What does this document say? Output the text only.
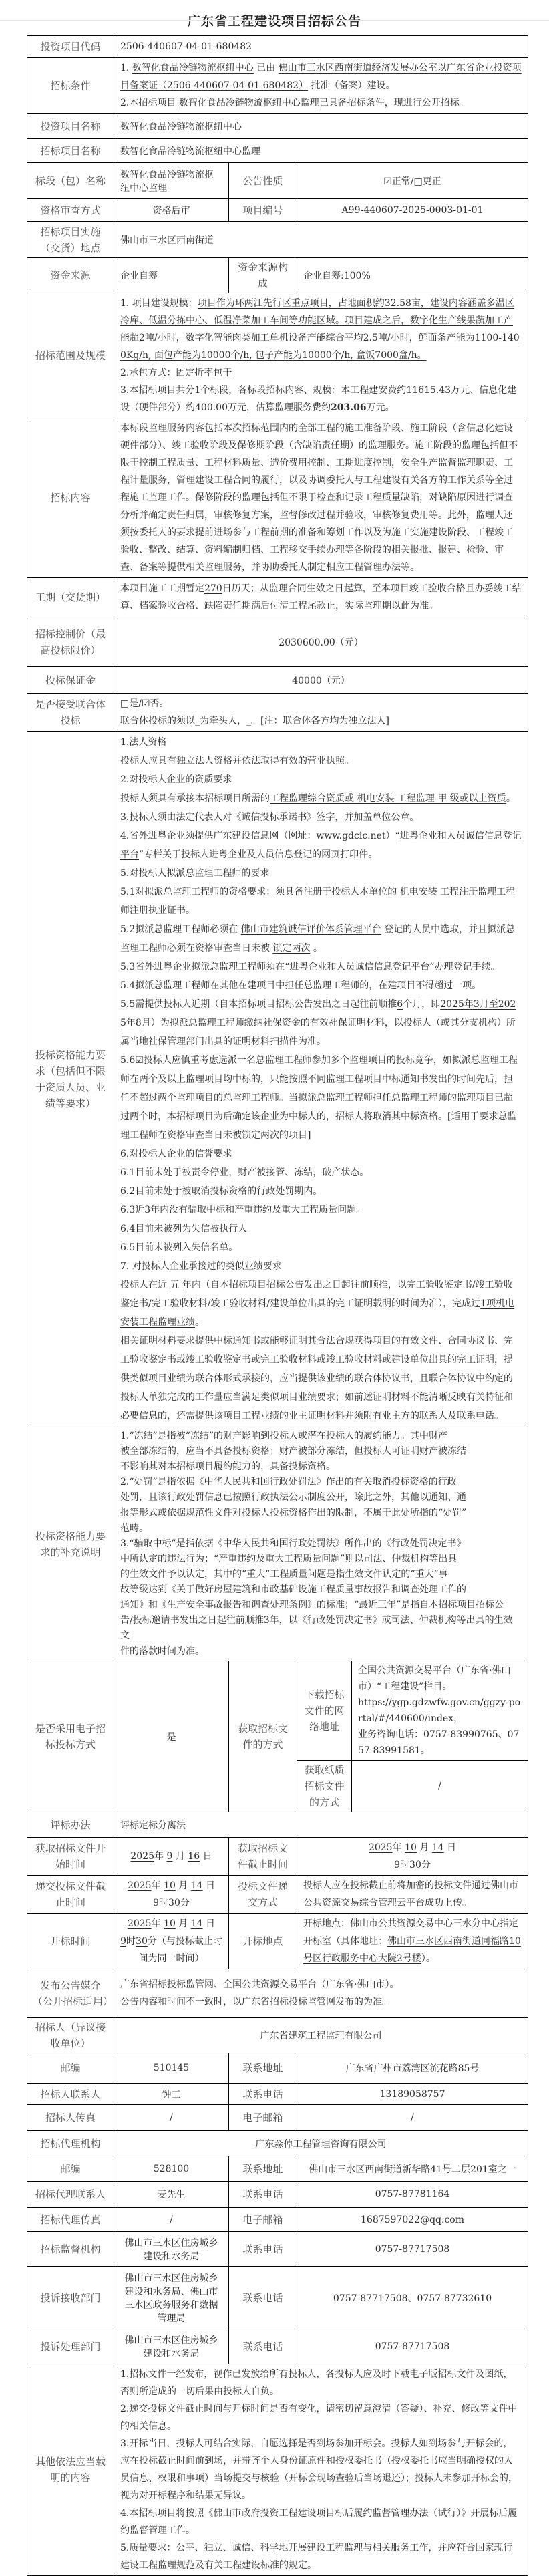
广东省工程建设项目招标公告
投资项目代码	2506-440607-04-01-680482			
招标条件	1. 数智化食品冷链物流枢纽中心 已由 佛山市三水区西南街道经济发展办公室以广东省企业投资项目备案证（2506-440607-04-01-680482） 批准（备案）建设。
2.本招标项目 数智化食品冷链物流枢纽中心监理已具备招标条件，现进行公开招标。			

投资项目名称	数智化食品冷链物流枢纽中心			
招标项目名称	数智化食品冷链物流枢纽中心监理			
标段（包）名称	数智化食品冷链物流枢纽中心监理	公告性质	☑正常/□更正	
资格审查方式	资格后审	项目编号	A99-440607-2025-0003-01-01	
招标项目实施（交货）地点	佛山市三水区西南街道			
资金来源	企业自筹	资金来源构成	企业自筹:100%	
招标范围及规模	1. 项目建设规模：项目作为环两江先行区重点项目，占地面积约32.58亩，建设内容涵盖多温区冷库、低温分拣中心、低温净菜加工车间等功能区域。项目建成之后，数字化生产线果蔬加工产能超2吨/小时，数字化智能肉类加工单机设备产能综合平均2.5吨/小时，鲜面条产能为1100-1400Kg/h, 面包产能为10000个/h, 包子产能为10000个/h, 盒饭7000盒/h。
2.承包方式：固定折率包干
3.本招标项目共分1个标段，各标段招标内容、规模：本工程建安费约11615.43万元、信息化建设（硬件部分）约400.00万元，估算监理服务费约203.06万元。			

招标内容	本标段监理服务内容包括本次招标范围内的全部工程的施工准备阶段、施工阶段（含信息化建设硬件部分）、竣工验收阶段及保修期阶段（含缺陷责任期）的监理服务。施工阶段的监理包括但不限于控制工程质量、工程材料质量、造价费用控制、工期进度控制，安全生产监督监理职责、工程计量服务，管理建设工程合同的履行，以及协调委托人与工程建设有关各方的工作关系等全过程施工监理工作。保修阶段的监理包括但不限于检查和记录工程质量缺陷，对缺陷原因进行调查分析并确定责任归属，审核修复方案，监督修改过程并验收，审核修复费用等。此外，监理人还须按委托人的要求提前进场参与工程前期的准备和筹划工作以及为施工实施建设阶段、工程竣工验收、整改、结算、资料编制归档、工程移交手续办理等各阶段的相关报批、报建、检验、审查、备案等提供相关监理服务，并协助委托人制定相应工程管理办法等。			

工期（交货期）	本项目施工工期暂定270日历天；从监理合同生效之日起算，至本项目竣工验收合格且办妥竣工结算、档案验收合格、缺陷责任期满后付清工程尾款止，实际监理期以此为准。			

招标控制价（最高投标限价）	2030600.00（元）			
投标保证金	40000（元）			
是否接受联合体投标	□是/☑否。
联合体投标的须以_为牵头人，_。[注：联合体各方均为独立法人]			

投标资格能力要求（包括但不限于资质人员、业绩等要求）	
1.法人资格
投标人应具有独立法人资格并依法取得有效的营业执照。
2.对投标人企业的资质要求
投标人须具有承接本招标项目所需的工程监理综合资质或 机电安装 工程监理 甲 级或以上资质。
3.投标人须由法定代表人对《诚信投标承诺书》签字，并加盖单位公章。
4.省外进粤企业须提供广东建设信息网（网址：www.gdcic.net）“进粤企业和人员诚信信息登记平台”专栏关于投标人进粤企业及人员信息登记的网页打印件。
5.对投标人拟派总监理工程师的要求
5.1对拟派总监理工程师的资格要求：须具备注册于投标人本单位的 机电安装 工程注册监理工程师注册执业证书。
5.2拟派总监理工程师必须在 佛山市建筑诚信评价体系管理平台 登记的人员中选取，并且拟派总监理工程师必须在资格审查当日未被 锁定两次 。
5.3省外进粤企业拟派总监理工程师须在“进粤企业和人员诚信信息登记平台”办理登记手续。
5.4拟派总监理工程师在其他在建项目中担任总监理工程师的，在建项目不得超过一项。
5.5需提供投标人近期（自本招标项目招标公告发出之日起往前顺推6个月，即2025年3月至2025年8月）为拟派总监理工程师缴纳社保资金的有效社保证明材料，以投标人（或其分支机构）所属当地社保管理部门出具的证明材料扫描件为准。
5.6☑投标人应慎重考虑选派一名总监理工程师参加多个监理项目的投标竞争，如拟派总监理工程师在两个及以上监理项目均中标的，只能按照不同监理工程项目中标通知书发出的时间先后，担任不超过两个监理项目的总监理工程师。当拟派总监理工程师担任总监理工程师的监理项目已超过两个时，本招标项目为后确定该企业为中标人的，招标人将取消其中标资格。[适用于要求总监理工程师在资格审查当日未被锁定两次的项目]
6.对投标人企业的信誉要求
6.1目前未处于被责令停业，财产被接管、冻结，破产状态。
6.2目前未处于被取消投标资格的行政处罚期内。
6.3近3年内没有骗取中标和严重违约及重大工程质量问题。
6.4目前未被列为失信被执行人。
6.5目前未被列入失信名单。
7. 对投标人企业承接过的类似业绩要求
投标人在近 五 年内（自本招标项目招标公告发出之日起往前顺推，以完工验收鉴定书/竣工验收鉴定书/完工验收材料/竣工验收材料/建设单位出具的完工证明载明的时间为准），完成过1项机电安装工程监理业绩。
相关证明材料要求提供中标通知书或能够证明其合法合规获得项目的有效文件、合同协议书、完工验收鉴定书或竣工验收鉴定书或完工验收材料或竣工验收材料或建设单位出具的完工证明，提供类似项目业绩为联合体形式承接的，应当提供该业绩的联合体协议书，且联合体协议中约定的投标人单独完成的工作量应当满足类似项目业绩要求；如前述证明材料不能清晰反映有关特征和必要信息的，还需提供该项目工程业绩的业主证明材料并须附有业主方的联系人及联系电话。

投标资格能力要求的补充说明	
1.“冻结”是指被“冻结”的财产影响到投标人或潜在投标人的履约能力。其中财产
被全部冻结的，应当不具备投标资格；财产被部分冻结，但投标人可证明财产被冻结
不影响其对本招标项目履约能力的，具备投标资格。
2.“处罚”是指依据《中华人民共和国行政处罚法》作出的有关取消投标资格的行政
处罚，且该行政处罚信息已按照行政执法公示制度公开，除此之外，其他以通知、通
报等形式或依据规范性文件对投标人投标资格作出的限制，不属于此处所指的“处罚”
范畴。
3.“骗取中标”是指依据《中华人民共和国行政处罚法》所作出的《行政处罚决定书》
中所认定的违法行为；“严重违约及重大工程质量问题”则以司法、仲裁机构等出具
的生效文件予以认定，其中的“重大”工程质量问题是指生效文件认定的“重大”事
故等级达到《关于做好房屋建筑和市政基础设施工程质量事故报告和调查处理工作的
通知》和《生产安全事故报告和调查处理条例》的标准；“最近三年”是指自本招标项目招标公
告/投标邀请书发出之日起往前顺推3年，以《行政处罚决定书》或司法、仲裁机构等出具的生效文
件的落款时间为准。

是否采用电子招标投标方式	是	获取招标文件的方式	下载招标文件的网络地址	全国公共资源交易平台（广东省·佛山市）“工程建设”栏目。
https://ygp.gdzwfw.gov.cn/ggzy-portal/#/440600/index，
业务咨询电话：0757-83990765、0757-83991581。

			获取纸质招标文件的方式	/
评标办法	评标定标分离法			
获取招标文件开始时间	2025年 9 月 16 日	获取招标文件截止时间	2025年 10 月 14 日
9时30分	

递交投标文件截止时间	2025年 10 月 14 日
9时30分	投标文件递交方式	投标人应在投标截止前将加密的投标文件通过佛山市公共资源交易综合管理云平台成功上传。	

开标时间	2025年 10 月 14 日
9时30分（与投标截止时间为同一时间）	开标地点	开标地点：佛山市公共资源交易中心三水分中心指定开标室（具体地址：佛山市三水区西南街道同福路10号区行政服务中心大院2号楼）。	

发布公告媒介（公开招标适用）	广东省招标投标监管网、全国公共资源交易平台（广东省·佛山市）。
公告内容和时间不一致时，以广东省招标投标监管网发布的为准。			

招标人（异议接收单位）	广东省建筑工程监理有限公司			
邮编	510145	联系地址	广东省广州市荔湾区流花路85号	
招标人联系人	钟工	联系电话	13189058757	
招标人传真	/	电子邮箱	/	
招标代理机构	广东淼倬工程管理咨询有限公司			
邮编	528100	联系地址	佛山市三水区西南街道新华路41号二层201室之一	
招标代理联系人	麦先生	联系电话	0757-87781164	
招标代理传真	/	电子邮箱	1687597022@qq.com	
招标监督机构	佛山市三水区住房城乡建设和水务局	联系电话	0757-87717508	
投诉接收部门	佛山市三水区住房城乡建设和水务局、佛山市三水区政务服务和数据管理局	联系电话	0757-87717508、0757-87732610	
投诉处理部门	佛山市三水区住房城乡建设和水务局	联系电话	0757-87717508	
其他依法应当载明的内容	1.招标文件一经发布，视作已发放给所有投标人，各投标人应及时下载电子版招标文件及图纸，否则所造成的一切后果由投标人自负。
2.递交投标文件截止时间与开标时间是否有变化，请密切留意澄清（答疑）、补充、修改等文件中的相关信息。
3.开标当日，投标人可结合实际，自愿选择是否到场参加开标会。投标人如到场参与开标会的，应在投标截止时间前到场，并带齐个人身份证原件和授权委托书（授权委托书应当明确授权的人员信息、权限和事项）当场提交与核验（开标会现场查验后当场退还）；投标人未参加开标会的，视为对开标程序和结果无异议。
4.本招标项目将按照《佛山市政府投资工程建设项目标后履约监督管理办法（试行）》开展标后履约监督管理工作。
5.质量要求：公平、独立、诚信、科学地开展建设工程监理与相关服务工作，并应符合国家现行建设工程监理规范及有关工程建设标准的规定。			
